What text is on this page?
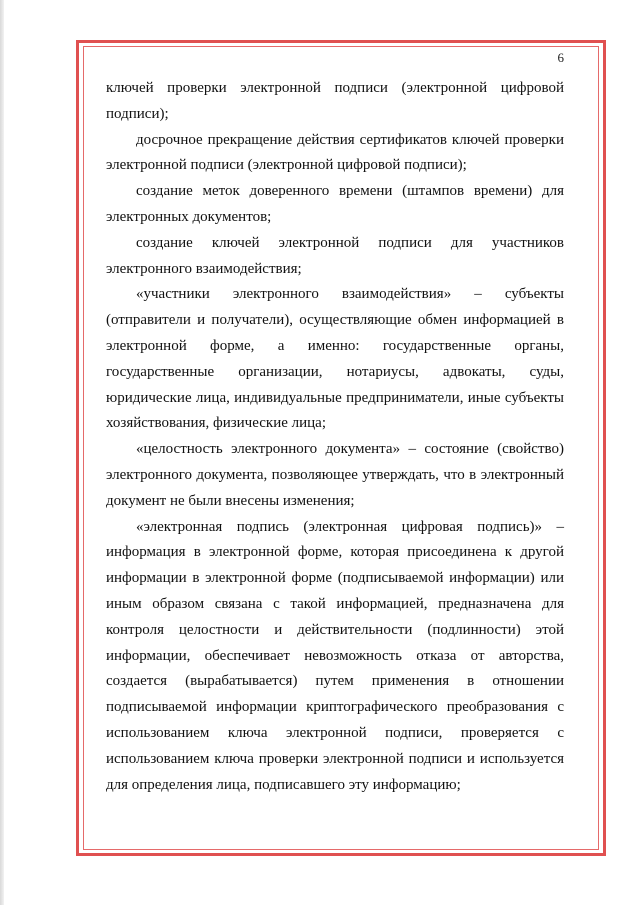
6

ключей проверки электронной подписи (электронной цифровой подписи);

досрочное прекращение действия сертификатов ключей проверки электронной подписи (электронной цифровой подписи);

создание меток доверенного времени (штампов времени) для электронных документов;

создание ключей электронной подписи для участников электронного взаимодействия;

«участники электронного взаимодействия» – субъекты (отправители и получатели), осуществляющие обмен информацией в электронной форме, а именно: государственные органы, государственные организации, нотариусы, адвокаты, суды, юридические лица, индивидуальные предприниматели, иные субъекты хозяйствования, физические лица;

«целостность электронного документа» – состояние (свойство) электронного документа, позволяющее утверждать, что в электронный документ не были внесены изменения;

«электронная подпись (электронная цифровая подпись)» – информация в электронной форме, которая присоединена к другой информации в электронной форме (подписываемой информации) или иным образом связана с такой информацией, предназначена для контроля целостности и действительности (подлинности) этой информации, обеспечивает невозможность отказа от авторства, создается (вырабатывается) путем применения в отношении подписываемой информации криптографического преобразования с использованием ключа электронной подписи, проверяется с использованием ключа проверки электронной подписи и используется для определения лица, подписавшего эту информацию;
